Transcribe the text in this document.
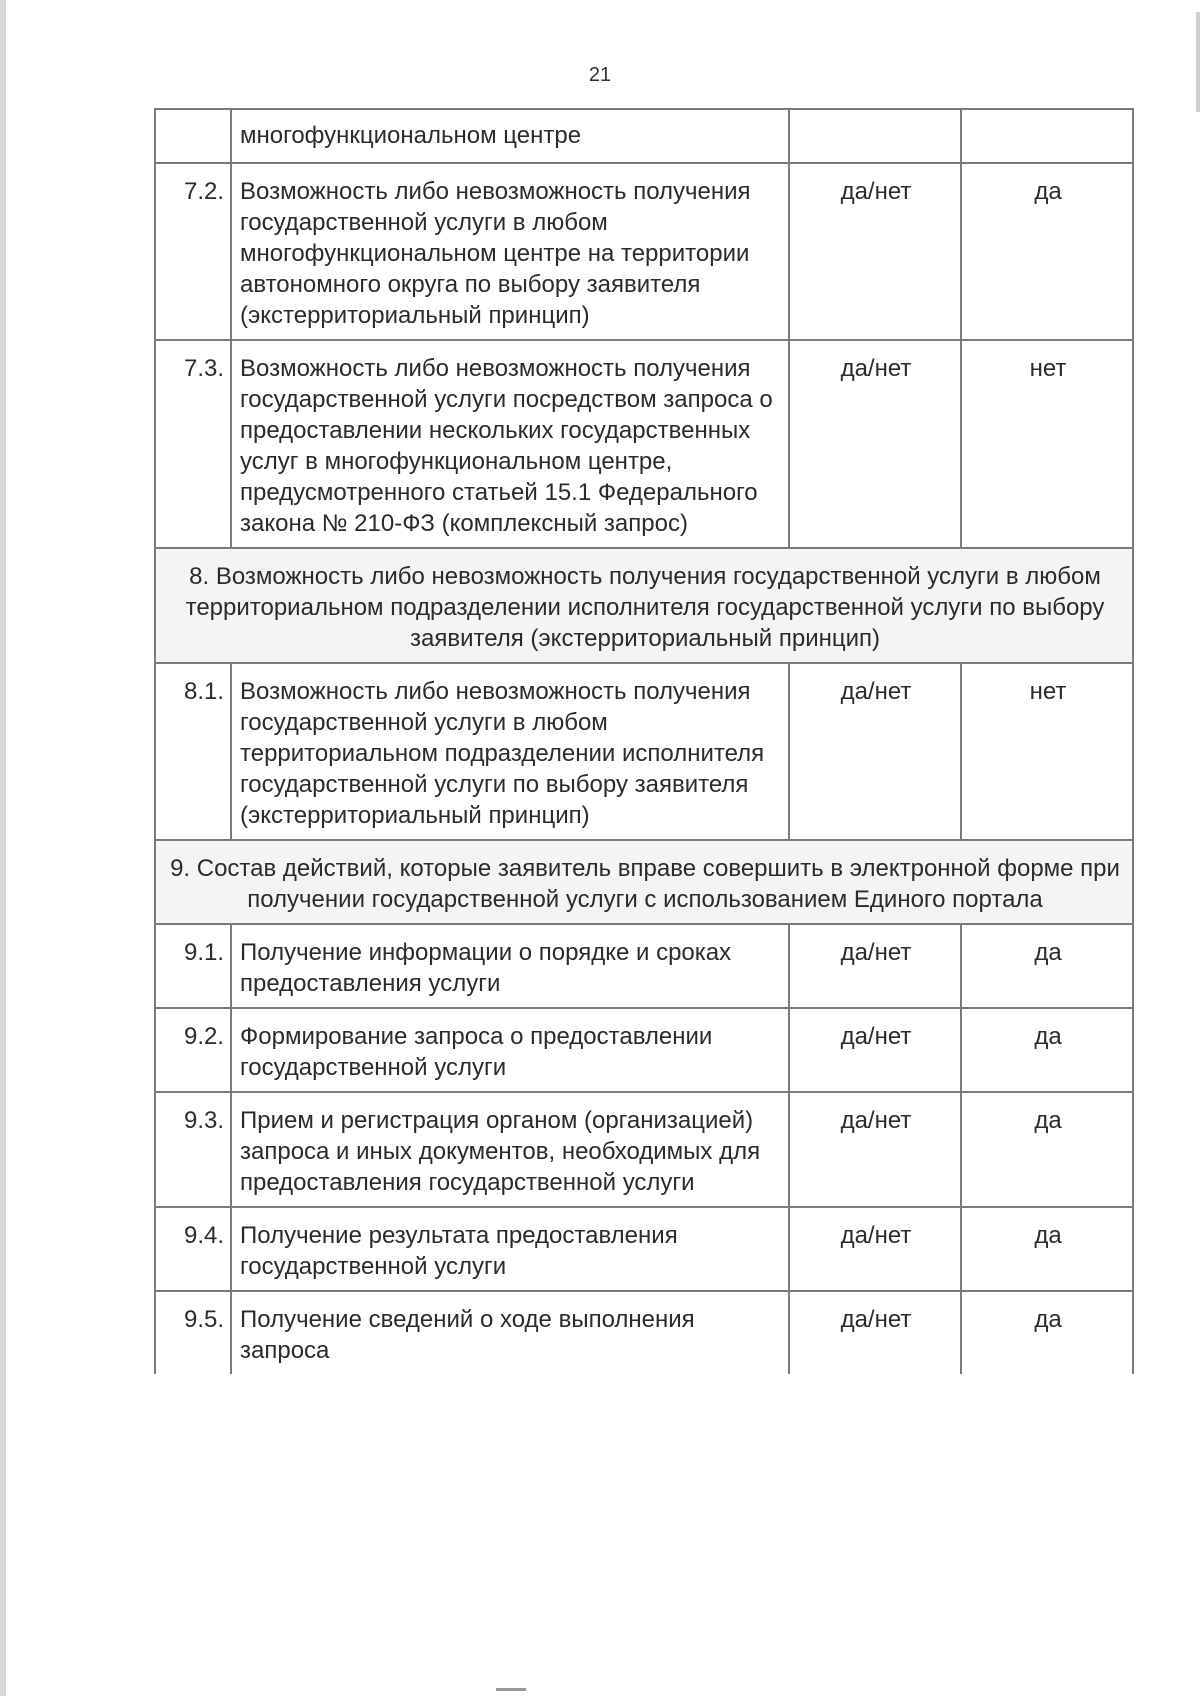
21
	многофункциональном центре		
7.2.	Возможность либо невозможность получения государственной услуги в любом многофункциональном центре на территории автономного округа по выбору заявителя (экстерриториальный принцип)	да/нет	да
7.3.	Возможность либо невозможность получения государственной услуги посредством запроса о предоставлении нескольких государственных услуг в многофункциональном центре, предусмотренного статьей 15.1 Федерального закона № 210-ФЗ (комплексный запрос)	да/нет	нет
8. Возможность либо невозможность получения государственной услуги в любом территориальном подразделении исполнителя государственной услуги по выбору заявителя (экстерриториальный принцип)			
8.1.	Возможность либо невозможность получения государственной услуги в любом территориальном подразделении исполнителя государственной услуги по выбору заявителя (экстерриториальный принцип)	да/нет	нет
9. Состав действий, которые заявитель вправе совершить в электронной форме при получении государственной услуги с использованием Единого портала			
9.1.	Получение информации о порядке и сроках предоставления услуги	да/нет	да
9.2.	Формирование запроса о предоставлении государственной услуги	да/нет	да
9.3.	Прием и регистрация органом (организацией) запроса и иных документов, необходимых для предоставления государственной услуги	да/нет	да
9.4.	Получение результата предоставления государственной услуги	да/нет	да
9.5.	Получение сведений о ходе выполнения запроса	да/нет	да
